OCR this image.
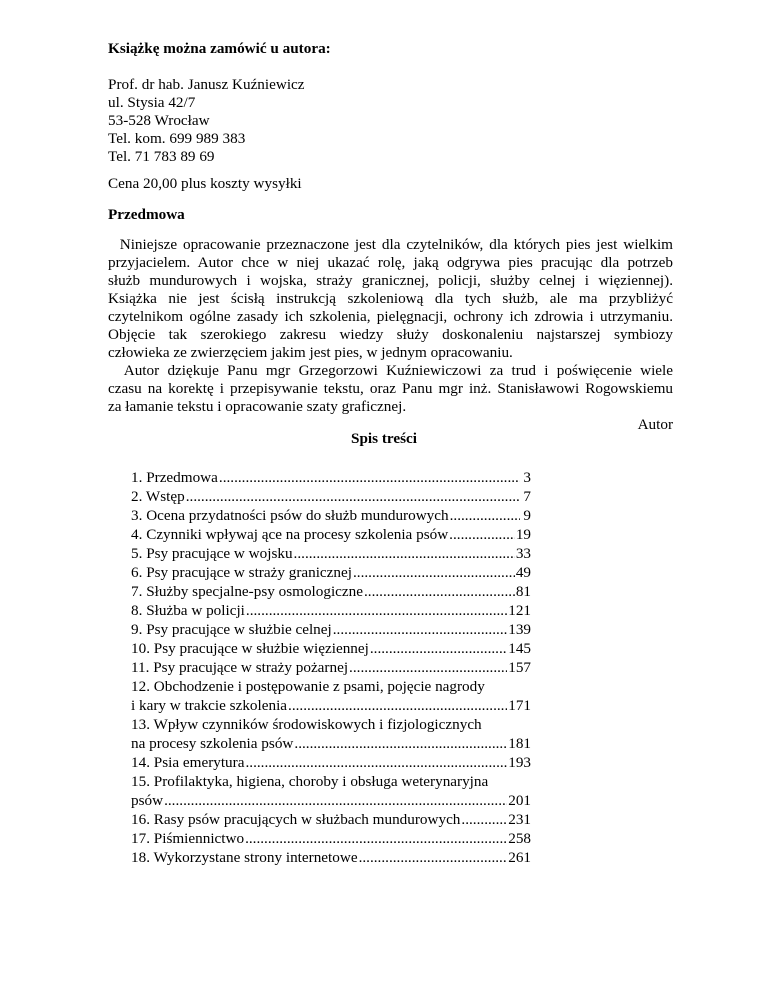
Książkę można zamówić u autora:
Prof. dr hab. Janusz Kuźniewicz
ul. Stysia 42/7
53-528 Wrocław
Tel. kom. 699 989 383
Tel. 71 783 89 69
Cena 20,00 plus koszty wysyłki
Przedmowa
Niniejsze opracowanie przeznaczone jest dla czytelników, dla których pies jest wielkim
przyjacielem. Autor chce w niej ukazać rolę, jaką odgrywa pies pracując dla potrzeb
służb mundurowych i wojska, straży granicznej, policji, służby celnej i więziennej).
Książka nie jest ścisłą instrukcją szkoleniową dla tych służb, ale ma przybliżyć
czytelnikom ogólne zasady ich szkolenia, pielęgnacji, ochrony ich zdrowia i utrzymaniu.
Objęcie tak szerokiego zakresu wiedzy służy doskonaleniu najstarszej symbiozy
człowieka ze zwierzęciem jakim jest pies, w jednym opracowaniu.
Autor dziękuje Panu mgr Grzegorzowi Kuźniewiczowi za trud i poświęcenie wiele
czasu na korektę i przepisywanie tekstu, oraz Panu mgr inż. Stanisławowi Rogowskiemu
za łamanie tekstu i opracowanie szaty graficznej.
Autor
Spis treści
1. Przedmowa .....	3
2. Wstęp .....	7
3. Ocena przydatności psów do służb mundurowych .....	9
4. Czynniki wpływaj ące na procesy szkolenia psów .....	19
5. Psy pracujące w wojsku .....	33
6. Psy pracujące w straży granicznej .....	49
7. Służby specjalne-psy osmologiczne .....	81
8. Służba w policji .....	121
9. Psy pracujące w służbie celnej .....	139
10. Psy pracujące w służbie więziennej .....	145
11. Psy pracujące w straży pożarnej .....	157
12. Obchodzenie i postępowanie z psami, pojęcie nagrody
i kary w trakcie szkolenia .....	171
13. Wpływ czynników środowiskowych i fizjologicznych
na procesy szkolenia psów .....	181
14. Psia emerytura .....	193
15. Profilaktyka, higiena, choroby i obsługa weterynaryjna
psów .....	201
16. Rasy psów pracujących w służbach mundurowych .....	231
17. Piśmiennictwo .....	258
18. Wykorzystane strony internetowe .....	261
